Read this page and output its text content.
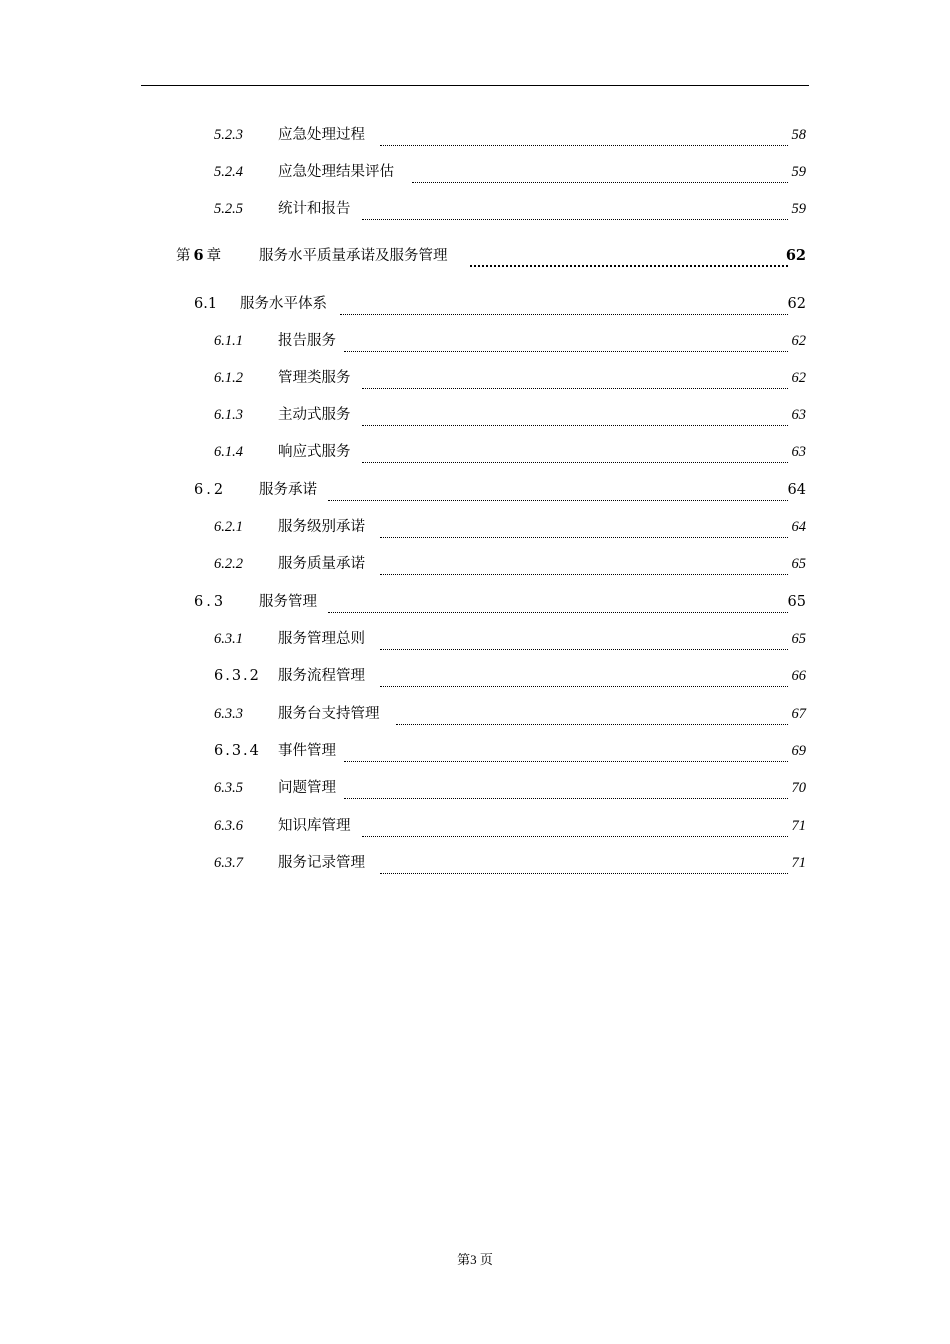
5.2.3 应急处理过程	58
5.2.4 应急处理结果评估	59
5.2.5 统计和报告	59
第 6 章	服务水平质量承诺及服务管理	62
6.1 服务水平体系	62
6.1.1 报告服务	62
6.1.2 管理类服务	62
6.1.3 主动式服务	63
6.1.4 响应式服务	63
6.2 服务承诺	64
6.2.1 服务级别承诺	64
6.2.2 服务质量承诺	65
6.3 服务管理	65
6.3.1 服务管理总则	65
6.3.2 服务流程管理	66
6.3.3 服务台支持管理	67
6.3.4 事件管理	69
6.3.5 问题管理	70
6.3.6 知识库管理	71
6.3.7 服务记录管理	71
第3 页
